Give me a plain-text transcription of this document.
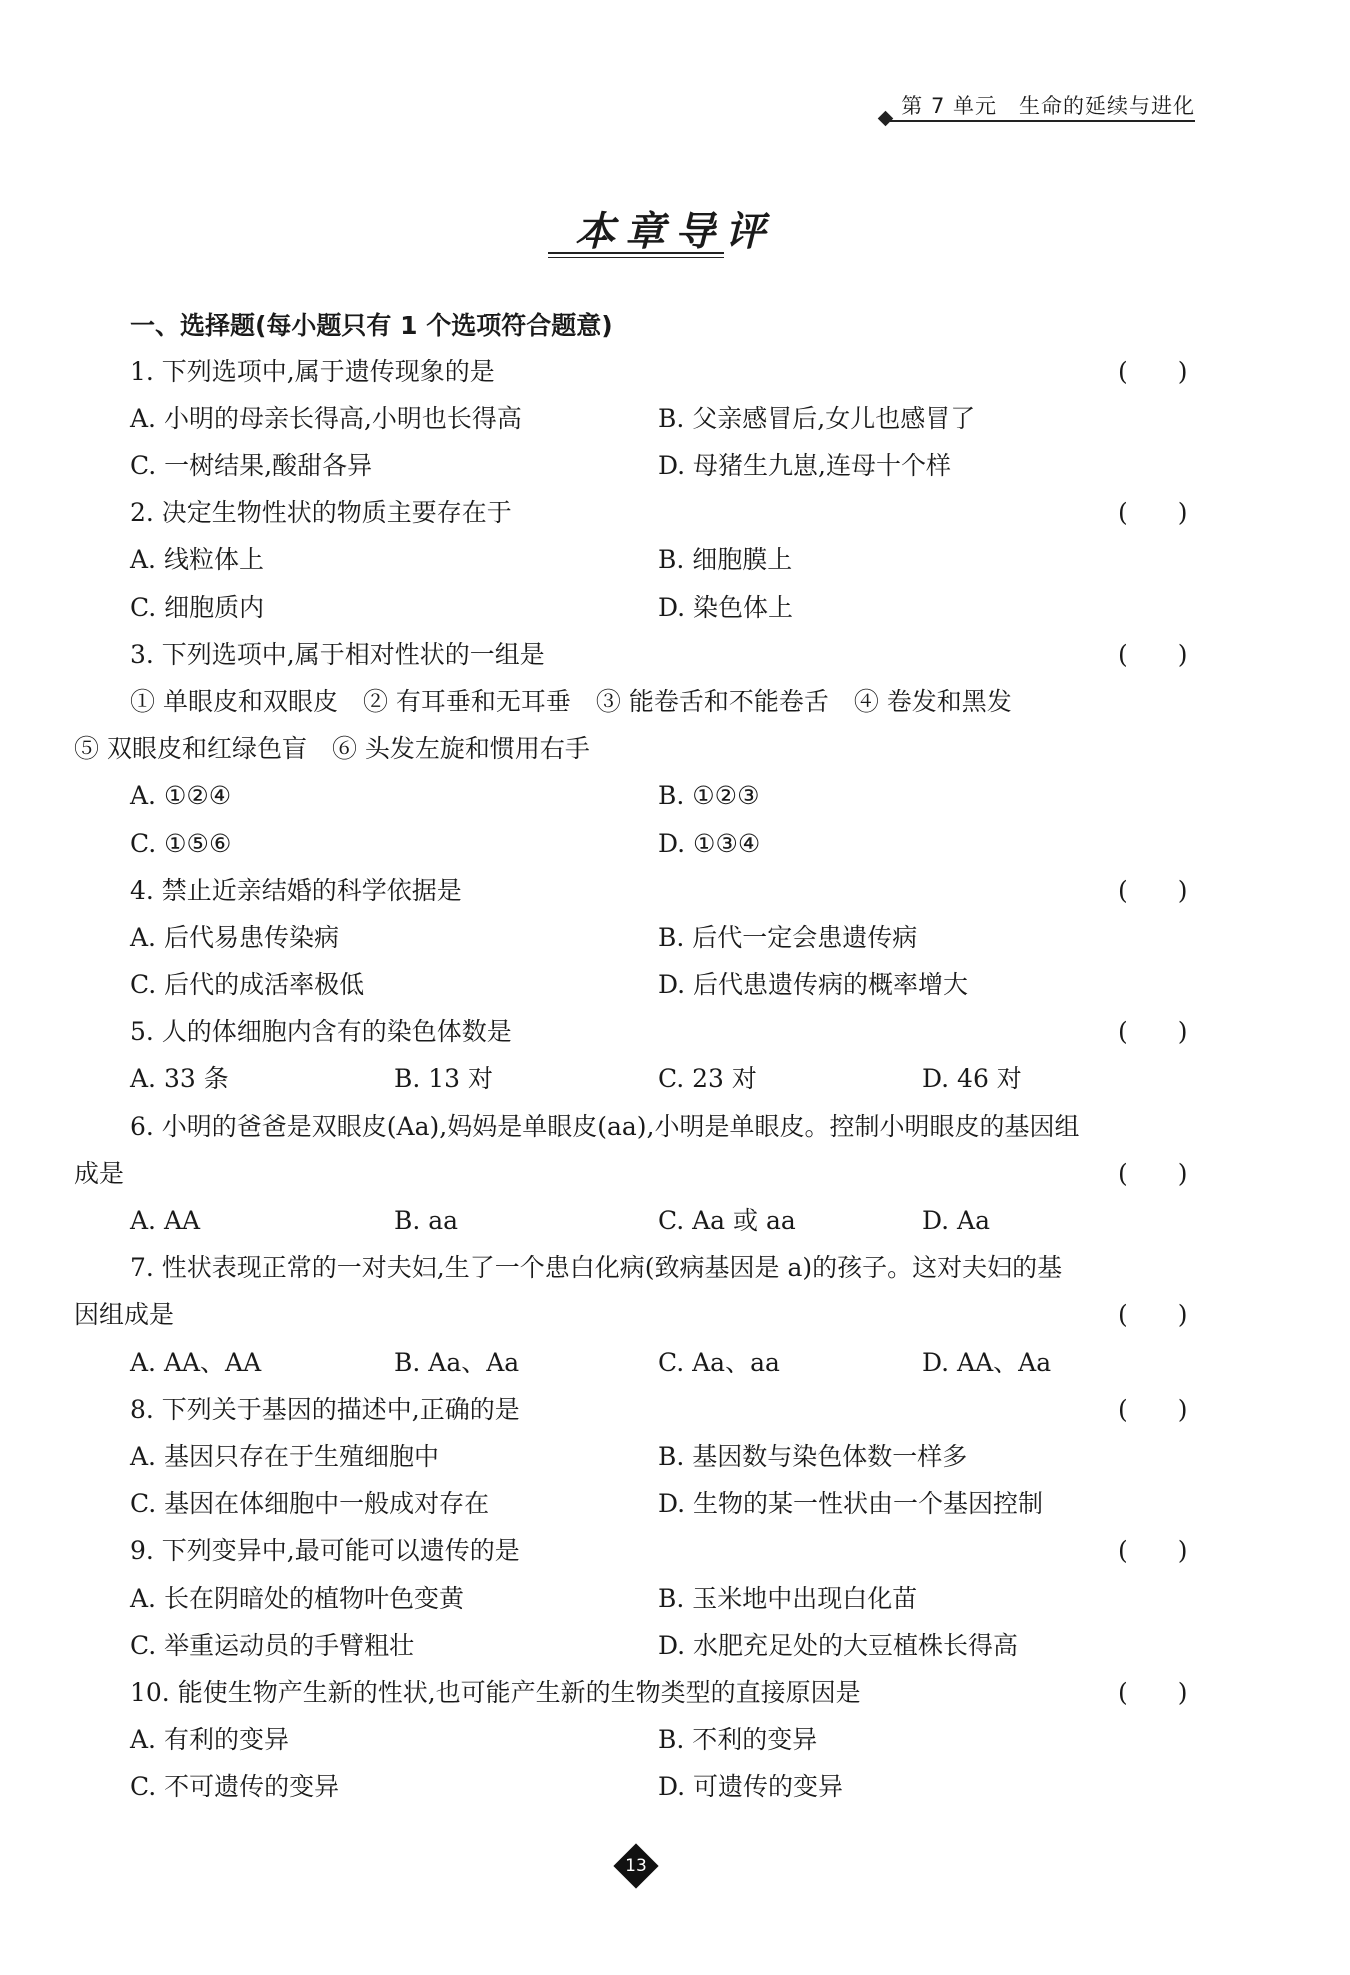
第 7 单元 生命的延续与进化
本章导评
一、选择题(每小题只有 1 个选项符合题意)
1. 下列选项中,属于遗传现象的是	(　　)
A. 小明的母亲长得高,小明也长得高	B. 父亲感冒后,女儿也感冒了
C. 一树结果,酸甜各异	D. 母猪生九崽,连母十个样
2. 决定生物性状的物质主要存在于	(　　)
A. 线粒体上	B. 细胞膜上
C. 细胞质内	D. 染色体上
3. 下列选项中,属于相对性状的一组是	(　　)
① 单眼皮和双眼皮　② 有耳垂和无耳垂　③ 能卷舌和不能卷舌　④ 卷发和黑发
⑤ 双眼皮和红绿色盲　⑥ 头发左旋和惯用右手
A. ①②④	B. ①②③
C. ①⑤⑥	D. ①③④
4. 禁止近亲结婚的科学依据是	(　　)
A. 后代易患传染病	B. 后代一定会患遗传病
C. 后代的成活率极低	D. 后代患遗传病的概率增大
5. 人的体细胞内含有的染色体数是	(　　)
A. 33 条	B. 13 对	C. 23 对	D. 46 对
6. 小明的爸爸是双眼皮(Aa),妈妈是单眼皮(aa),小明是单眼皮。控制小明眼皮的基因组
成是	(　　)
A. AA	B. aa	C. Aa 或 aa	D. Aa
7. 性状表现正常的一对夫妇,生了一个患白化病(致病基因是 a)的孩子。这对夫妇的基
因组成是	(　　)
A. AA、AA	B. Aa、Aa	C. Aa、aa	D. AA、Aa
8. 下列关于基因的描述中,正确的是	(　　)
A. 基因只存在于生殖细胞中	B. 基因数与染色体数一样多
C. 基因在体细胞中一般成对存在	D. 生物的某一性状由一个基因控制
9. 下列变异中,最可能可以遗传的是	(　　)
A. 长在阴暗处的植物叶色变黄	B. 玉米地中出现白化苗
C. 举重运动员的手臂粗壮	D. 水肥充足处的大豆植株长得高
10. 能使生物产生新的性状,也可能产生新的生物类型的直接原因是	(　　)
A. 有利的变异	B. 不利的变异
C. 不可遗传的变异	D. 可遗传的变异
13
